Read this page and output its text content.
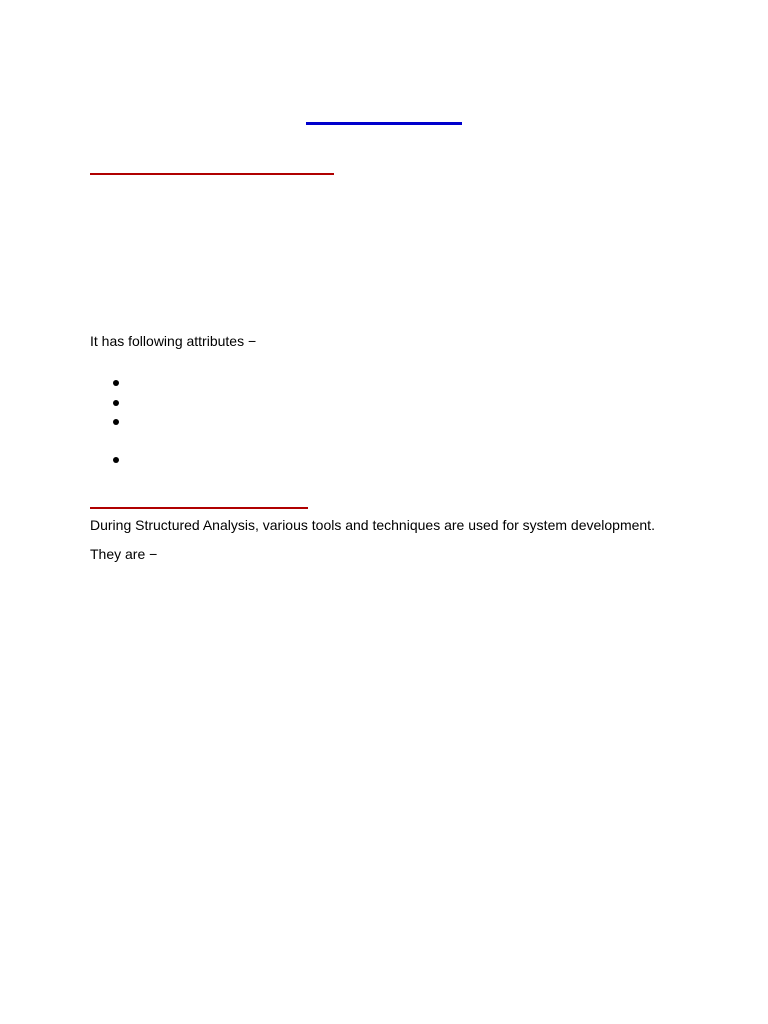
It has following attributes −
During Structured Analysis, various tools and techniques are used for system development.
They are −
